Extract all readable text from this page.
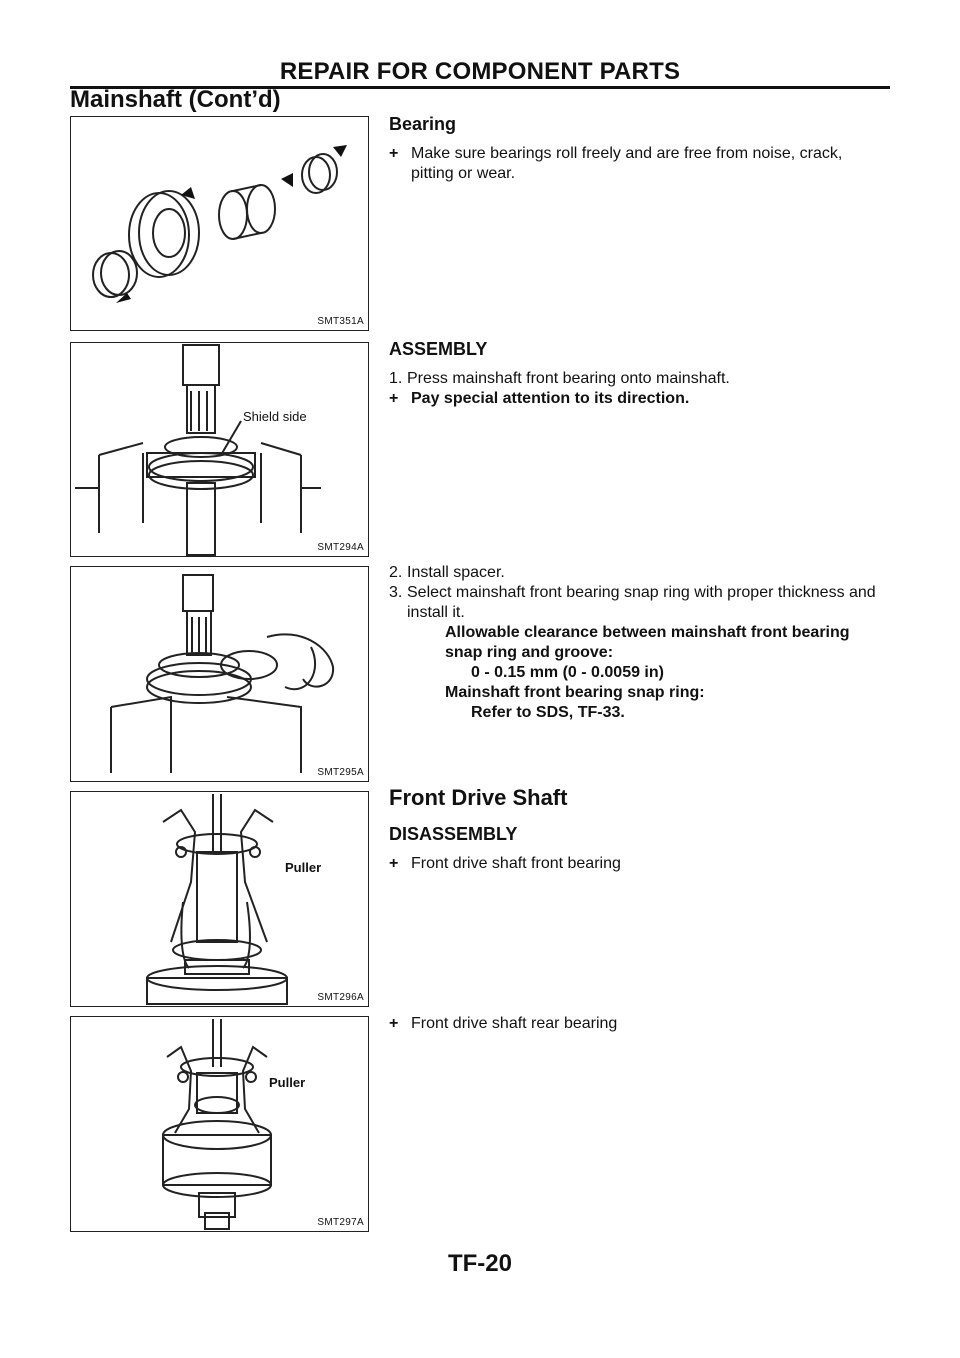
REPAIR FOR COMPONENT PARTS
Mainshaft (Cont’d)
SMT351A
Bearing
+ Make sure bearings roll freely and are free from noise, crack, pitting or wear.
Shield side
SMT294A
ASSEMBLY
1. Press mainshaft front bearing onto mainshaft.
+ Pay special attention to its direction.
SMT295A
2. Install spacer.
3. Select mainshaft front bearing snap ring with proper thickness and install it.
Allowable clearance between mainshaft front bearing
snap ring and groove:
0 - 0.15 mm (0 - 0.0059 in)
Mainshaft front bearing snap ring:
Refer to SDS, TF-33.
Puller
SMT296A
Front Drive Shaft
DISASSEMBLY
+ Front drive shaft front bearing
Puller
SMT297A
+ Front drive shaft rear bearing
TF-20
